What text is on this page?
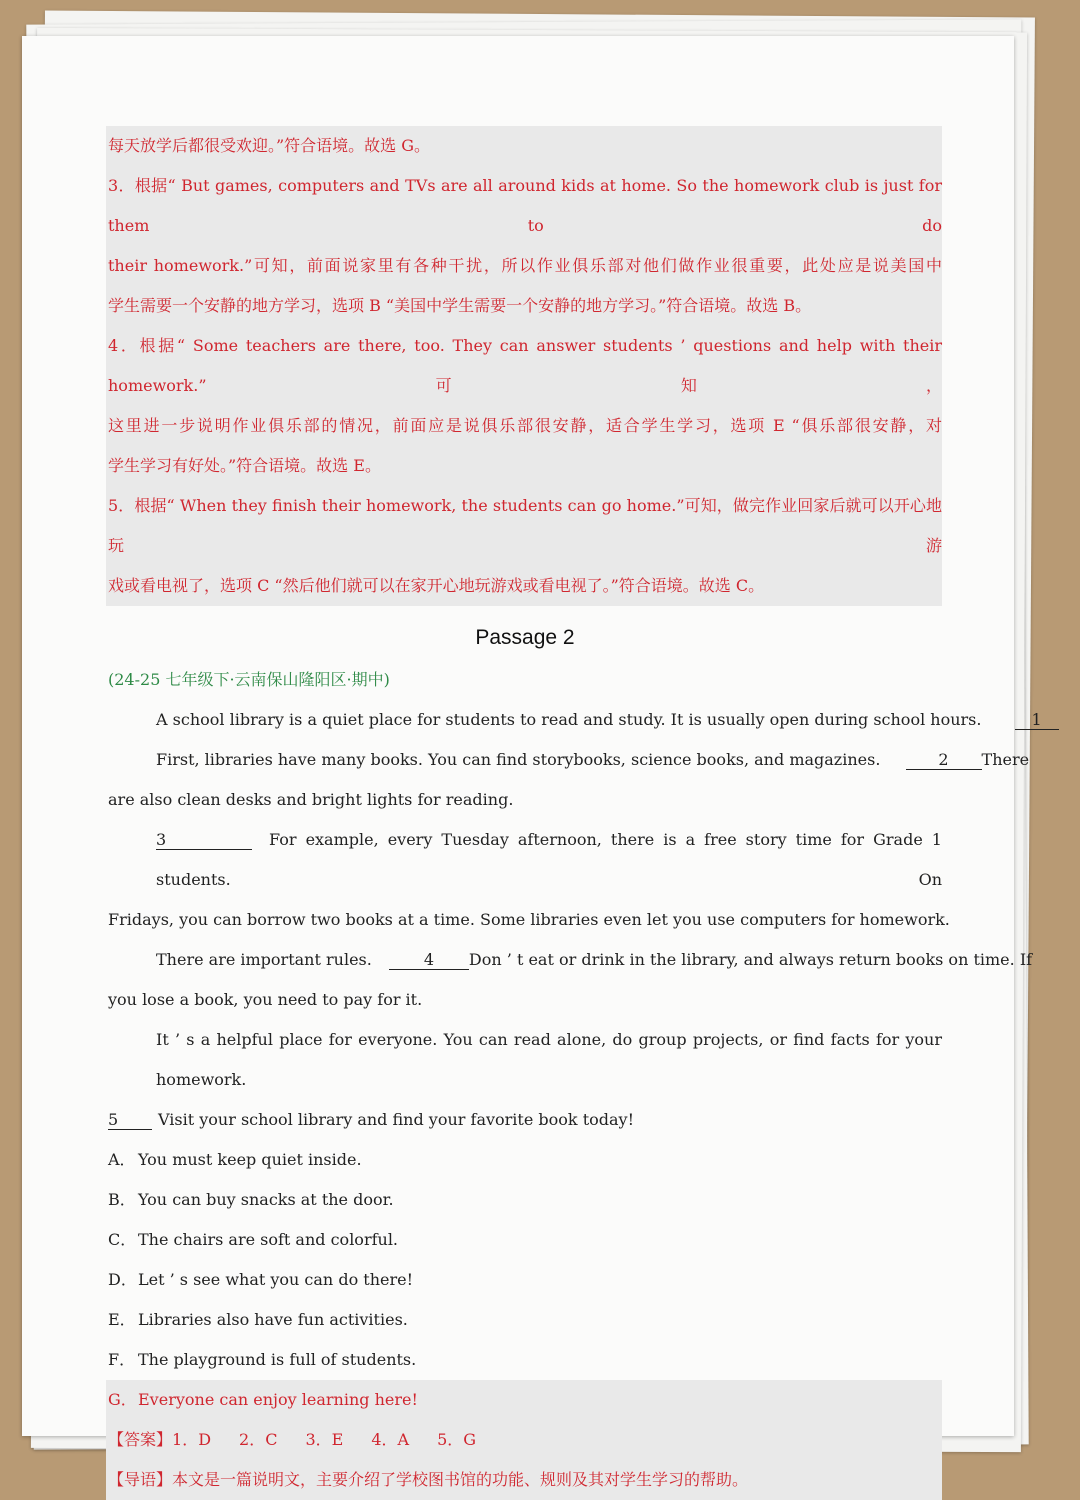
每天放学后都很受欢迎。”符合语境。故选 G。
3．根据“ But games, computers and TVs are all around kids at home. So the homework club is just for them to do
their homework.”可知，前面说家里有各种干扰，所以作业俱乐部对他们做作业很重要，此处应是说美国中
学生需要一个安静的地方学习，选项 B “美国中学生需要一个安静的地方学习。”符合语境。故选 B。
4．根据“ Some teachers are there, too. They can answer students ’ questions and help with their homework.”可知，
这里进一步说明作业俱乐部的情况，前面应是说俱乐部很安静，适合学生学习，选项 E “俱乐部很安静，对
学生学习有好处。”符合语境。故选 E。
5．根据“ When they finish their homework, the students can go home.”可知，做完作业回家后就可以开心地玩游
戏或看电视了，选项 C “然后他们就可以在家开心地玩游戏或看电视了。”符合语境。故选 C。
Passage 2
(24-25 七年级下·云南保山隆阳区·期中)
A school library is a quiet place for students to read and study. It is usually open during school hours.	1
First, libraries have many books. You can find storybooks, science books, and magazines.	2 There
are also clean desks and bright lights for reading.
3	For example, every Tuesday afternoon, there is a free story time for Grade 1 students. On
Fridays, you can borrow two books at a time. Some libraries even let you use computers for homework.
There are important rules.	4 Don ’ t eat or drink in the library, and always return books on time. If
you lose a book, you need to pay for it.
It ’ s a helpful place for everyone. You can read alone, do group projects, or find facts for your homework.
5 Visit your school library and find your favorite book today!
A． You must keep quiet inside.
B． You can buy snacks at the door.
C． The chairs are soft and colorful.
D．Let ’ s see what you can do there!
E． Libraries also have fun activities.
F． The playground is full of students.
G．Everyone can enjoy learning here!
【答案】1．D 2．C 3．E 4．A 5．G
【导语】本文是一篇说明文，主要介绍了学校图书馆的功能、规则及其对学生学习的帮助。
